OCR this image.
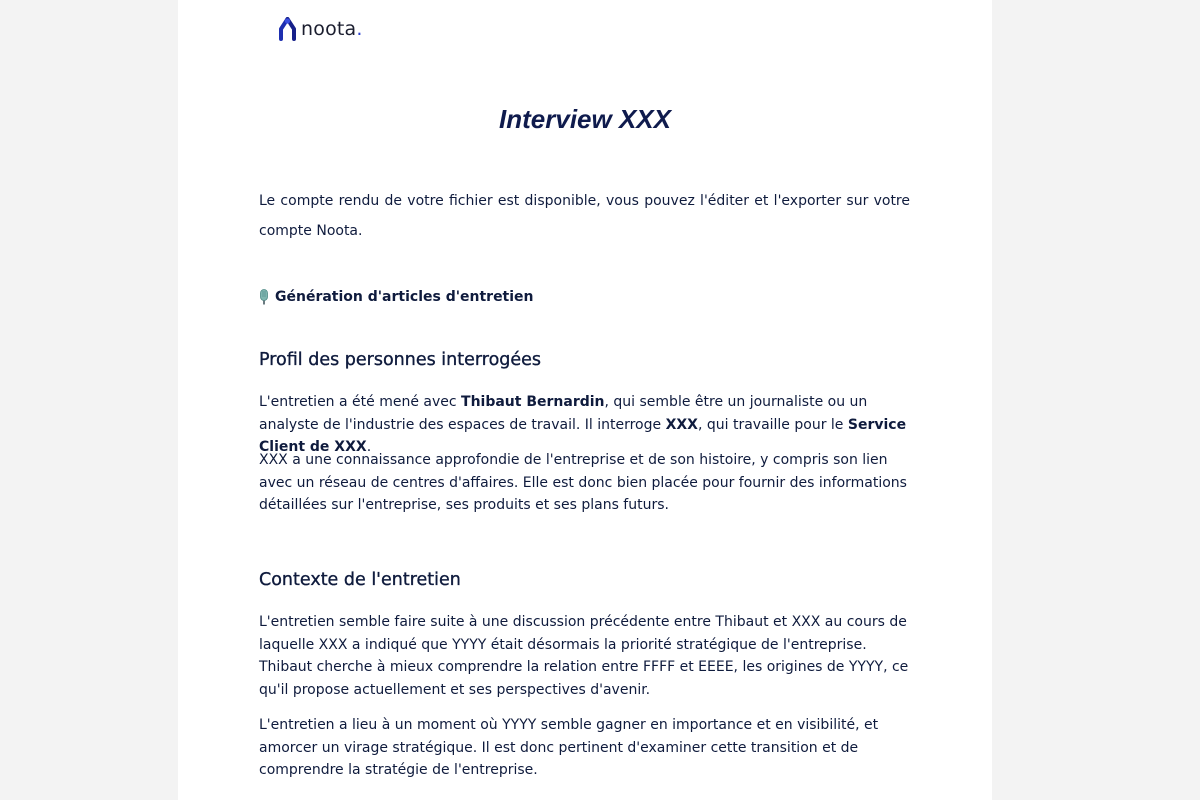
noota.
Interview XXX

Le compte rendu de votre fichier est disponible, vous pouvez l'éditer et l'exporter sur votre compte Noota.

Génération d'articles d'entretien
Profil des personnes interrogées

L'entretien a été mené avec Thibaut Bernardin, qui semble être un journaliste ou un analyste de l'industrie des espaces de travail. Il interroge XXX, qui travaille pour le Service Client de XXX.

XXX a une connaissance approfondie de l'entreprise et de son histoire, y compris son lien avec un réseau de centres d'affaires. Elle est donc bien placée pour fournir des informations détaillées sur l'entreprise, ses produits et ses plans futurs.

Contexte de l'entretien

L'entretien semble faire suite à une discussion précédente entre Thibaut et XXX au cours de laquelle XXX a indiqué que YYYY était désormais la priorité stratégique de l'entreprise. Thibaut cherche à mieux comprendre la relation entre FFFF et EEEE, les origines de YYYY, ce qu'il propose actuellement et ses perspectives d'avenir.

L'entretien a lieu à un moment où YYYY semble gagner en importance et en visibilité, et amorcer un virage stratégique. Il est donc pertinent d'examiner cette transition et de comprendre la stratégie de l'entreprise.
